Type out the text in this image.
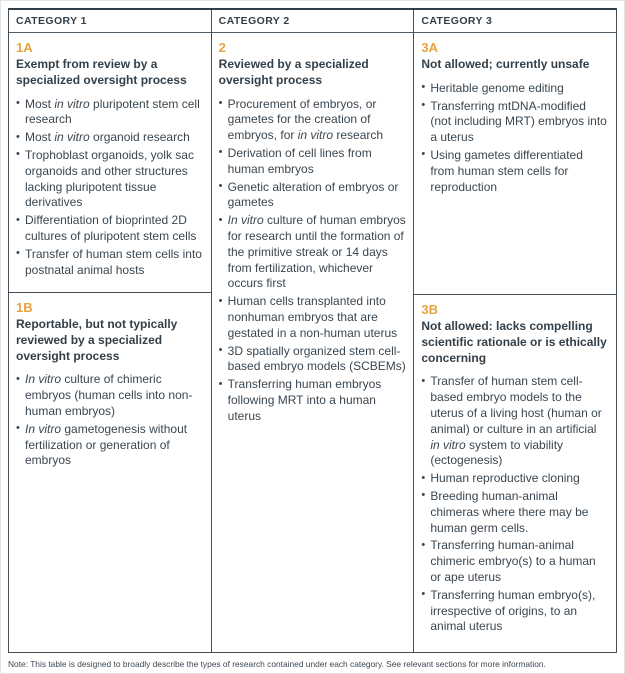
CATEGORY 1
1A
Exempt from review by a specialized oversight process
• Most in vitro pluripotent stem cell research
• Most in vitro organoid research
• Trophoblast organoids, yolk sac organoids and other structures lacking pluripotent tissue derivatives
• Differentiation of bioprinted 2D cultures of pluripotent stem cells
• Transfer of human stem cells into postnatal animal hosts
1B
Reportable, but not typically reviewed by a specialized oversight process
• In vitro culture of chimeric embryos (human cells into non-human embryos)
• In vitro gametogenesis without fertilization or generation of embryos
CATEGORY 2
2
Reviewed by a specialized oversight process
• Procurement of embryos, or gametes for the creation of embryos, for in vitro research
• Derivation of cell lines from human embryos
• Genetic alteration of embryos or gametes
• In vitro culture of human embryos for research until the formation of the primitive streak or 14 days from fertilization, whichever occurs first
• Human cells transplanted into nonhuman embryos that are gestated in a non-human uterus
• 3D spatially organized stem cell-based embryo models (SCBEMs)
• Transferring human embryos following MRT into a human uterus
CATEGORY 3
3A
Not allowed; currently unsafe
• Heritable genome editing
• Transferring mtDNA-modified (not including MRT) embryos into a uterus
• Using gametes differentiated from human stem cells for reproduction
3B
Not allowed: lacks compelling scientific rationale or is ethically concerning
• Transfer of human stem cell-based embryo models to the uterus of a living host (human or animal) or culture in an artificial in vitro system to viability (ectogenesis)
• Human reproductive cloning
• Breeding human-animal chimeras where there may be human germ cells.
• Transferring human-animal chimeric embryo(s) to a human or ape uterus
• Transferring human embryo(s), irrespective of origins, to an animal uterus
Note: This table is designed to broadly describe the types of research contained under each category. See relevant sections for more information.
